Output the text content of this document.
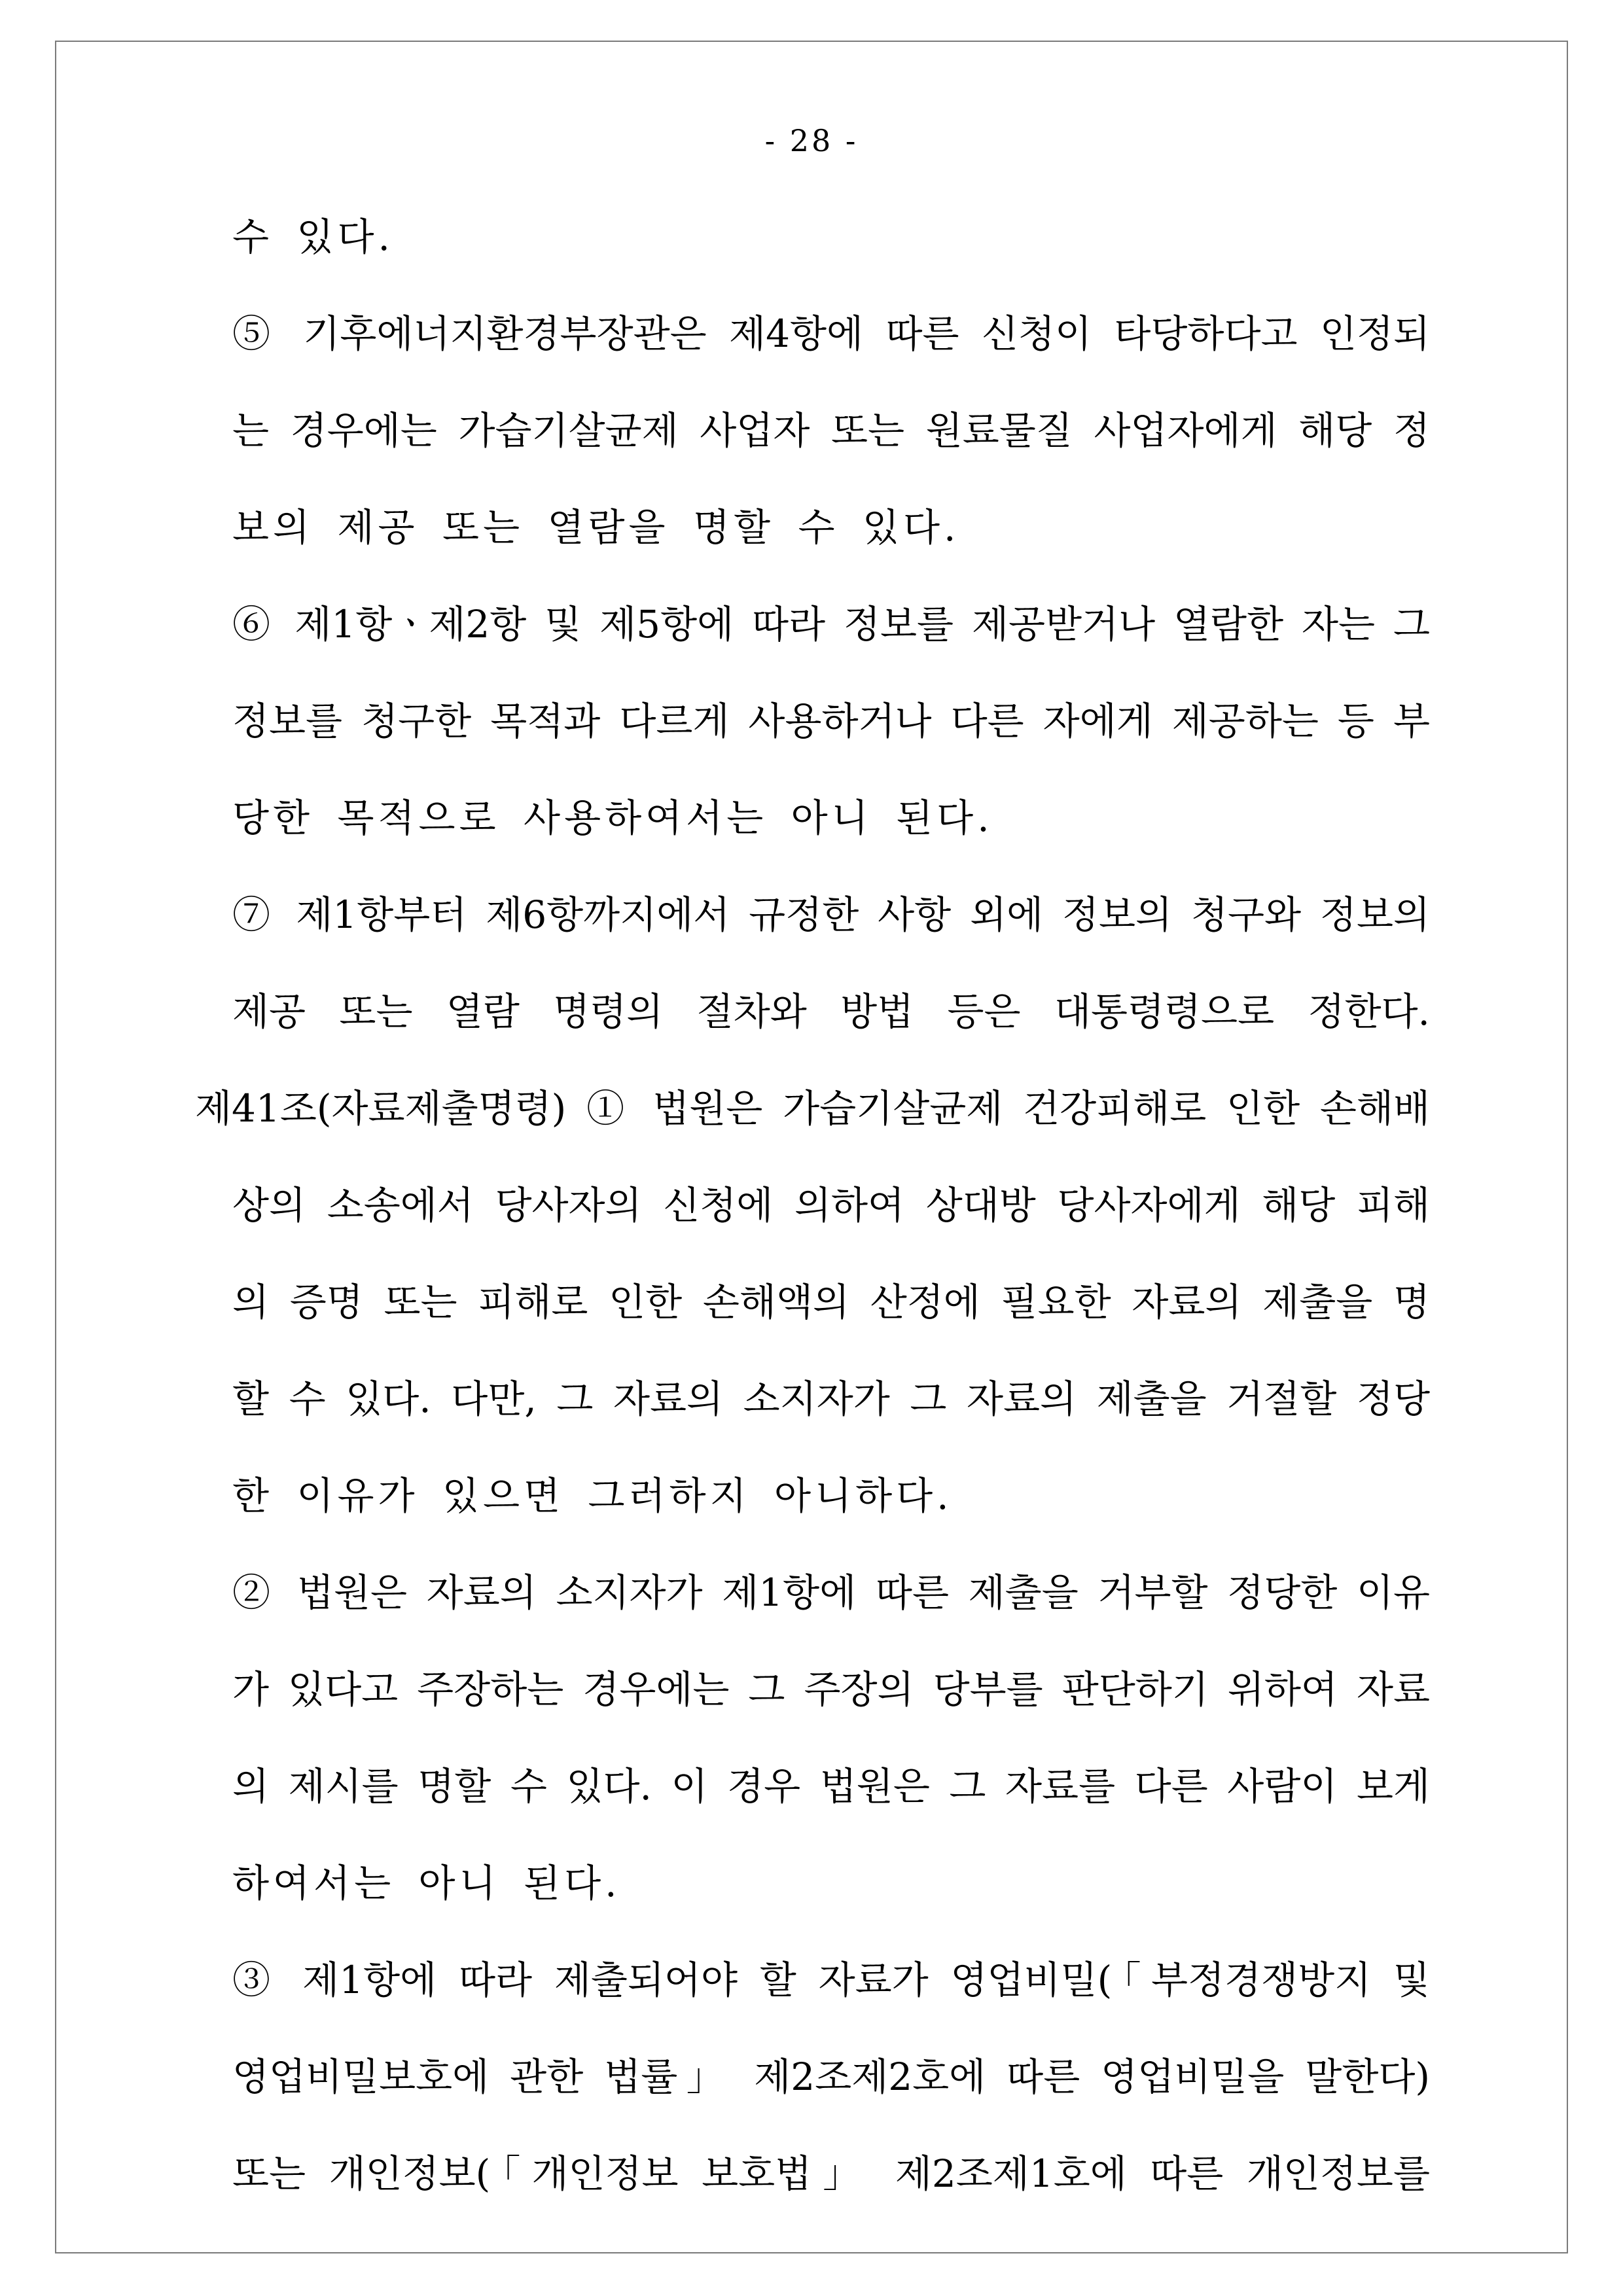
- 28 -
수 있다.
⑤ 기후에너지환경부장관은 제4항에 따른 신청이 타당하다고 인정되
는 경우에는 가습기살균제 사업자 또는 원료물질 사업자에게 해당 정
보의 제공 또는 열람을 명할 수 있다.
⑥ 제1항ㆍ제2항 및 제5항에 따라 정보를 제공받거나 열람한 자는 그
정보를 청구한 목적과 다르게 사용하거나 다른 자에게 제공하는 등 부
당한 목적으로 사용하여서는 아니 된다.
⑦ 제1항부터 제6항까지에서 규정한 사항 외에 정보의 청구와 정보의
제공 또는 열람 명령의 절차와 방법 등은 대통령령으로 정한다.
제41조(자료제출명령) ① 법원은 가습기살균제 건강피해로 인한 손해배
상의 소송에서 당사자의 신청에 의하여 상대방 당사자에게 해당 피해
의 증명 또는 피해로 인한 손해액의 산정에 필요한 자료의 제출을 명
할 수 있다. 다만, 그 자료의 소지자가 그 자료의 제출을 거절할 정당
한 이유가 있으면 그러하지 아니하다.
② 법원은 자료의 소지자가 제1항에 따른 제출을 거부할 정당한 이유
가 있다고 주장하는 경우에는 그 주장의 당부를 판단하기 위하여 자료
의 제시를 명할 수 있다. 이 경우 법원은 그 자료를 다른 사람이 보게
하여서는 아니 된다.
③ 제1항에 따라 제출되어야 할 자료가 영업비밀(「부정경쟁방지 및
영업비밀보호에 관한 법률」 제2조제2호에 따른 영업비밀을 말한다)
또는 개인정보(「개인정보 보호법」 제2조제1호에 따른 개인정보를
